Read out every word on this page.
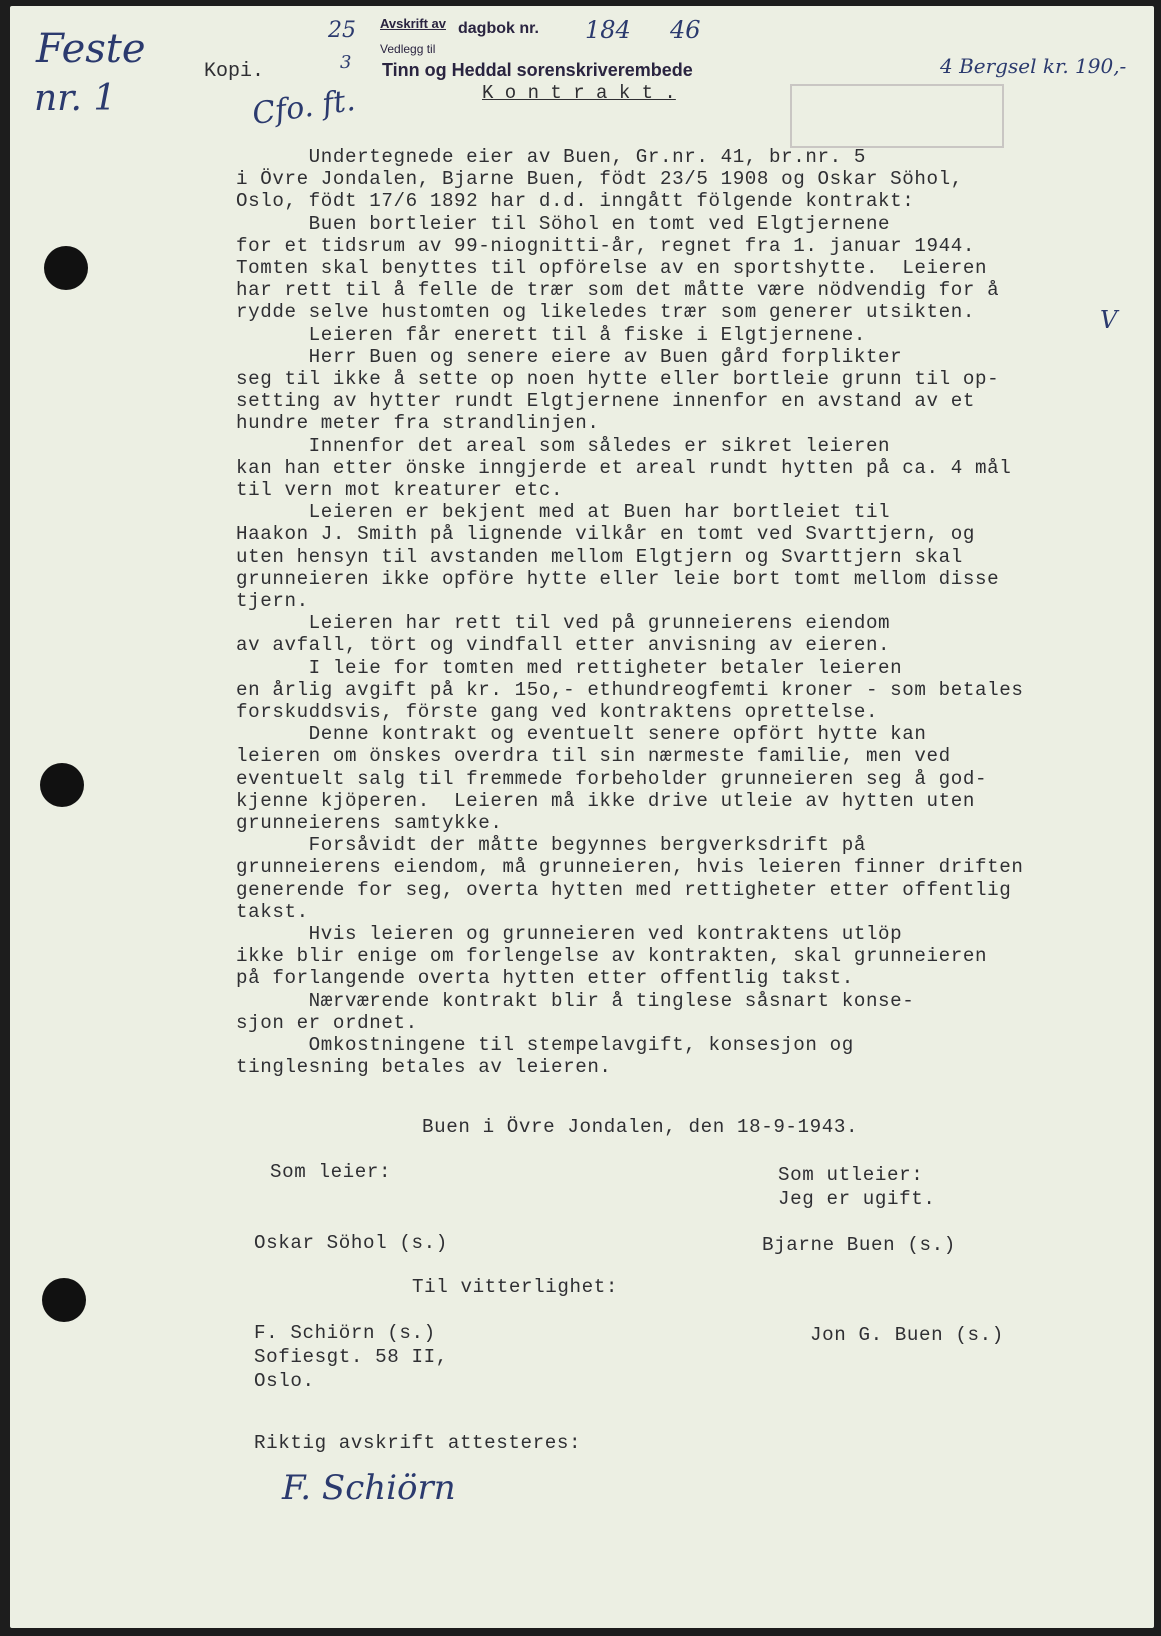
Feste
nr. 1	Cfo. ft.
25
3
Avskrift av dagbok nr. 184 46
Vedlegg til
Tinn og Heddal sorenskriverembede	4 Bergsel kr. 190,-
Kopi.
K o n t r a k t .
Undertegnede eier av Buen, Gr.nr. 41, br.nr. 5
i Övre Jondalen, Bjarne Buen, födt 23/5 1908 og Oskar Söhol,
Oslo, födt 17/6 1892 har d.d. inngått fölgende kontrakt:
Buen bortleier til Söhol en tomt ved Elgtjernene
for et tidsrum av 99-niognitti-år, regnet fra 1. januar 1944.
Tomten skal benyttes til opförelse av en sportshytte.  Leieren
har rett til å felle de trær som det måtte være nödvendig for å
rydde selve hustomten og likeledes trær som generer utsikten.
Leieren får enerett til å fiske i Elgtjernene.
Herr Buen og senere eiere av Buen gård forplikter
seg til ikke å sette op noen hytte eller bortleie grunn til op-
setting av hytter rundt Elgtjernene innenfor en avstand av et
hundre meter fra strandlinjen.
Innenfor det areal som således er sikret leieren
kan han etter önske inngjerde et areal rundt hytten på ca. 4 mål
til vern mot kreaturer etc.
Leieren er bekjent med at Buen har bortleiet til
Haakon J. Smith på lignende vilkår en tomt ved Svarttjern, og
uten hensyn til avstanden mellom Elgtjern og Svarttjern skal
grunneieren ikke opföre hytte eller leie bort tomt mellom disse
tjern.
Leieren har rett til ved på grunneierens eiendom
av avfall, tört og vindfall etter anvisning av eieren.
I leie for tomten med rettigheter betaler leieren
en årlig avgift på kr. 15o,- ethundreogfemti kroner - som betales
forskuddsvis, förste gang ved kontraktens oprettelse.
Denne kontrakt og eventuelt senere opfört hytte kan
leieren om önskes overdra til sin nærmeste familie, men ved
eventuelt salg til fremmede forbeholder grunneieren seg å god-
kjenne kjöperen.  Leieren må ikke drive utleie av hytten uten
grunneierens samtykke.
Forsåvidt der måtte begynnes bergverksdrift på
grunneierens eiendom, må grunneieren, hvis leieren finner driften
generende for seg, overta hytten med rettigheter etter offentlig
takst.
Hvis leieren og grunneieren ved kontraktens utlöp
ikke blir enige om forlengelse av kontrakten, skal grunneieren
på forlangende overta hytten etter offentlig takst.
Nærværende kontrakt blir å tinglese såsnart konse-
sjon er ordnet.
Omkostningene til stempelavgift, konsesjon og
tinglesning betales av leieren.
V
Buen i Övre Jondalen, den 18-9-1943.
Som leier:	Som utleier:
Jeg er ugift.
Oskar Söhol (s.)	Bjarne Buen (s.)
Til vitterlighet:
F. Schiörn (s.)
Sofiesgt. 58 II,
Oslo.
Jon G. Buen (s.)
Riktig avskrift attesteres:
F. Schiörn
